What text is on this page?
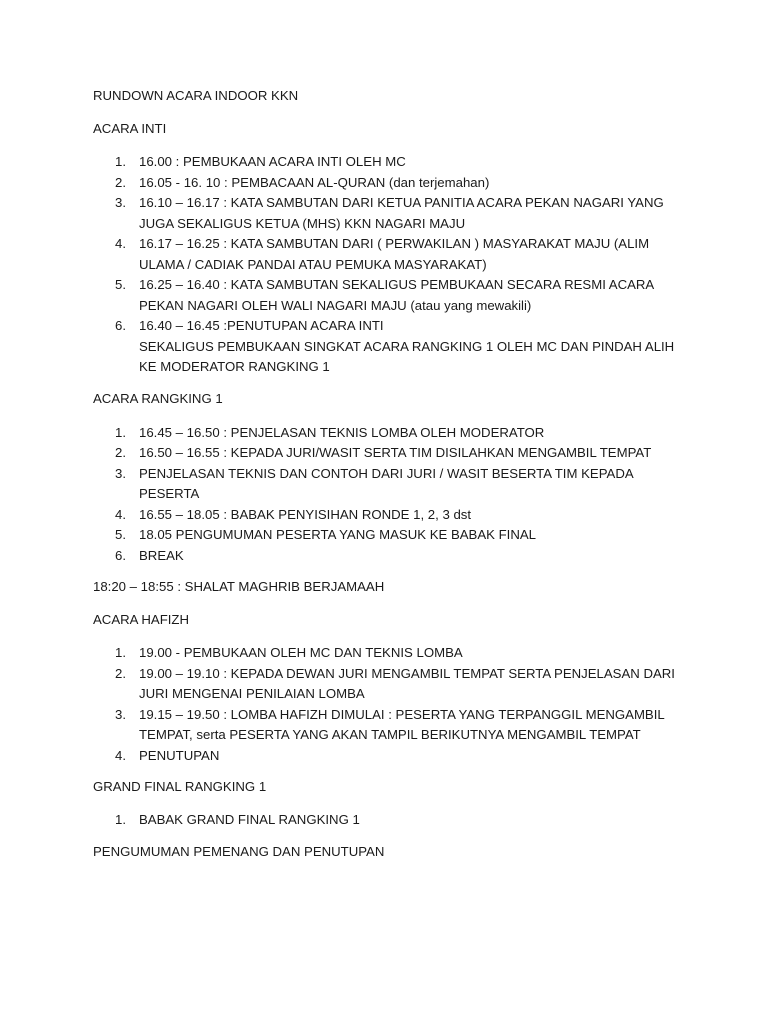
RUNDOWN ACARA INDOOR KKN

ACARA INTI

1. 16.00 : PEMBUKAAN ACARA INTI OLEH MC
2. 16.05 - 16. 10 : PEMBACAAN AL-QURAN (dan terjemahan)
3. 16.10 – 16.17 : KATA SAMBUTAN DARI KETUA PANITIA ACARA PEKAN NAGARI YANG
JUGA SEKALIGUS KETUA (MHS) KKN NAGARI MAJU
4. 16.17 – 16.25 : KATA SAMBUTAN DARI ( PERWAKILAN ) MASYARAKAT MAJU (ALIM
ULAMA / CADIAK PANDAI ATAU PEMUKA MASYARAKAT)
5. 16.25 – 16.40 : KATA SAMBUTAN SEKALIGUS PEMBUKAAN SECARA RESMI ACARA
PEKAN NAGARI OLEH WALI NAGARI MAJU (atau yang mewakili)
6. 16.40 – 16.45 :PENUTUPAN ACARA INTI
SEKALIGUS PEMBUKAAN SINGKAT ACARA RANGKING 1 OLEH MC DAN PINDAH ALIH
KE MODERATOR RANGKING 1

ACARA RANGKING 1

1. 16.45 – 16.50 : PENJELASAN TEKNIS LOMBA OLEH MODERATOR
2. 16.50 – 16.55 : KEPADA JURI/WASIT SERTA TIM DISILAHKAN MENGAMBIL TEMPAT
3. PENJELASAN TEKNIS DAN CONTOH DARI JURI / WASIT BESERTA TIM KEPADA
PESERTA
4. 16.55 – 18.05 : BABAK PENYISIHAN RONDE 1, 2, 3 dst
5. 18.05 PENGUMUMAN PESERTA YANG MASUK KE BABAK FINAL
6. BREAK

18:20 – 18:55 : SHALAT MAGHRIB BERJAMAAH

ACARA HAFIZH

1. 19.00 - PEMBUKAAN OLEH MC DAN TEKNIS LOMBA
2. 19.00 – 19.10 : KEPADA DEWAN JURI MENGAMBIL TEMPAT SERTA PENJELASAN DARI
JURI MENGENAI PENILAIAN LOMBA
3. 19.15 – 19.50 : LOMBA HAFIZH DIMULAI : PESERTA YANG TERPANGGIL MENGAMBIL
TEMPAT, serta PESERTA YANG AKAN TAMPIL BERIKUTNYA MENGAMBIL TEMPAT
4. PENUTUPAN

GRAND FINAL RANGKING 1

1. BABAK GRAND FINAL RANGKING 1

PENGUMUMAN PEMENANG DAN PENUTUPAN
